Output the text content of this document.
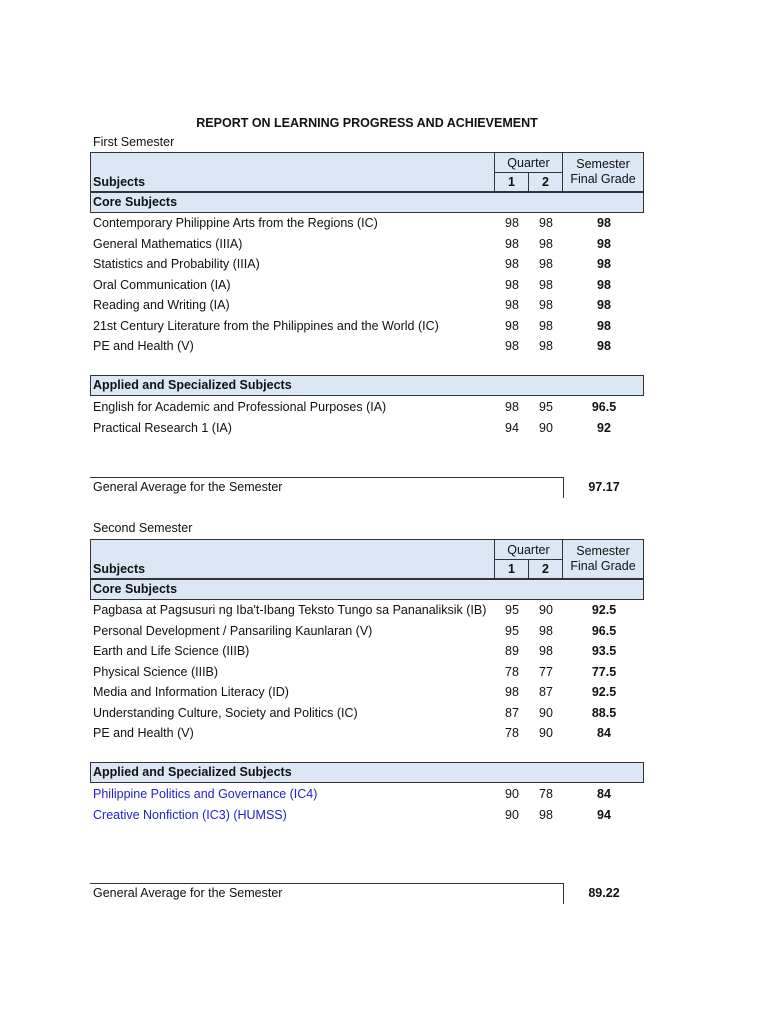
REPORT ON LEARNING PROGRESS AND ACHIEVEMENT
First Semester
Subjects
Quarter
1	2
Semester
Final Grade
Core Subjects
Contemporary Philippine Arts from the Regions (IC)	98	98	98
General Mathematics (IIIA)	98	98	98
Statistics and Probability (IIIA)	98	98	98
Oral Communication (IA)	98	98	98
Reading and Writing (IA)	98	98	98
21st Century Literature from the Philippines and the World (IC)	98	98	98
PE and Health (V)	98	98	98
Applied and Specialized Subjects
English for Academic and Professional Purposes (IA)	98	95	96.5
Practical Research 1 (IA)	94	90	92
General Average for the Semester	97.17
Second Semester
Subjects
Quarter
1	2
Semester
Final Grade
Core Subjects
Pagbasa at Pagsusuri ng Iba't-Ibang Teksto Tungo sa Pananaliksik (IB)	95	90	92.5
Personal Development / Pansariling Kaunlaran (V)	95	98	96.5
Earth and Life Science (IIIB)	89	98	93.5
Physical Science (IIIB)	78	77	77.5
Media and Information Literacy (ID)	98	87	92.5
Understanding Culture, Society and Politics (IC)	87	90	88.5
PE and Health (V)	78	90	84
Applied and Specialized Subjects
Philippine Politics and Governance (IC4)	90	78	84
Creative Nonfiction (IC3) (HUMSS)	90	98	94
General Average for the Semester	89.22
